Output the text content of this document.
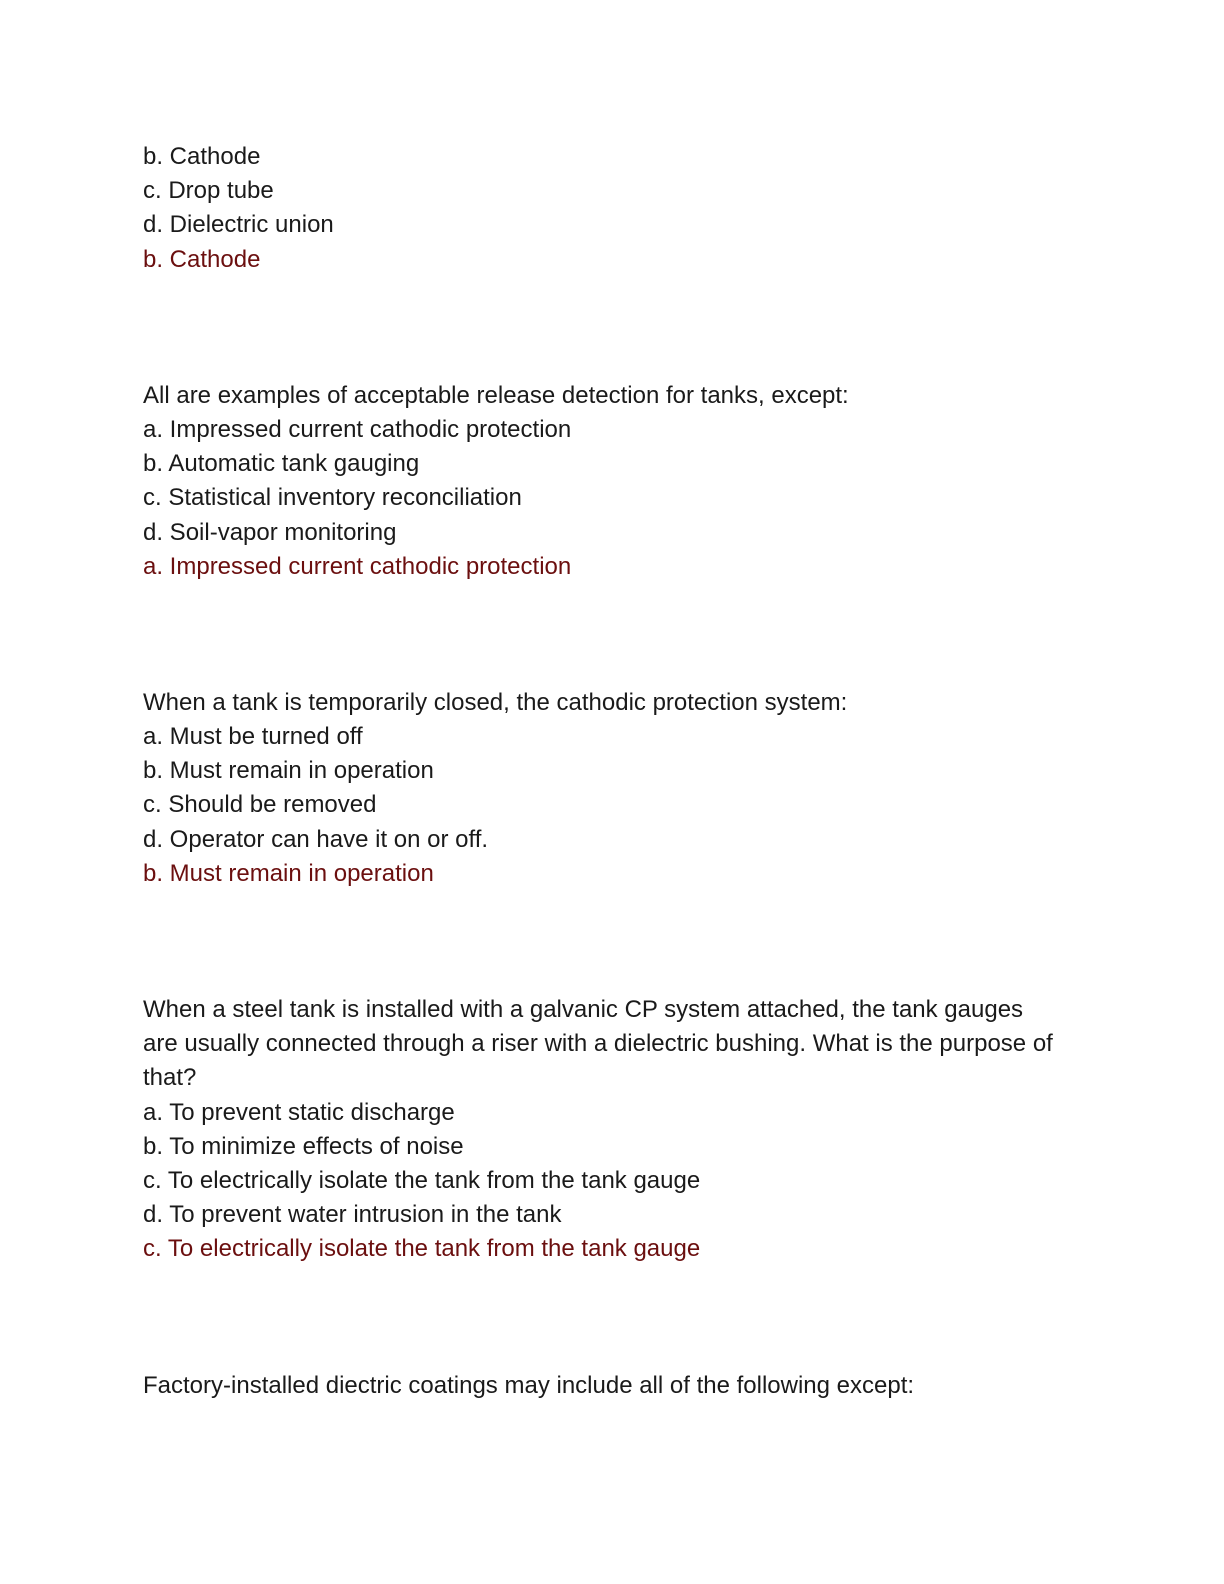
b. Cathode

c. Drop tube

d. Dielectric union

b. Cathode

All are examples of acceptable release detection for tanks, except:

a. Impressed current cathodic protection

b. Automatic tank gauging

c. Statistical inventory reconciliation

d. Soil-vapor monitoring

a. Impressed current cathodic protection

When a tank is temporarily closed, the cathodic protection system:

a. Must be turned off

b. Must remain in operation

c. Should be removed

d. Operator can have it on or off.

b. Must remain in operation

When a steel tank is installed with a galvanic CP system attached, the tank gauges are usually connected through a riser with a dielectric bushing. What is the purpose of that?

a. To prevent static discharge

b. To minimize effects of noise

c. To electrically isolate the tank from the tank gauge

d. To prevent water intrusion in the tank

c. To electrically isolate the tank from the tank gauge

Factory-installed diectric coatings may include all of the following except:
